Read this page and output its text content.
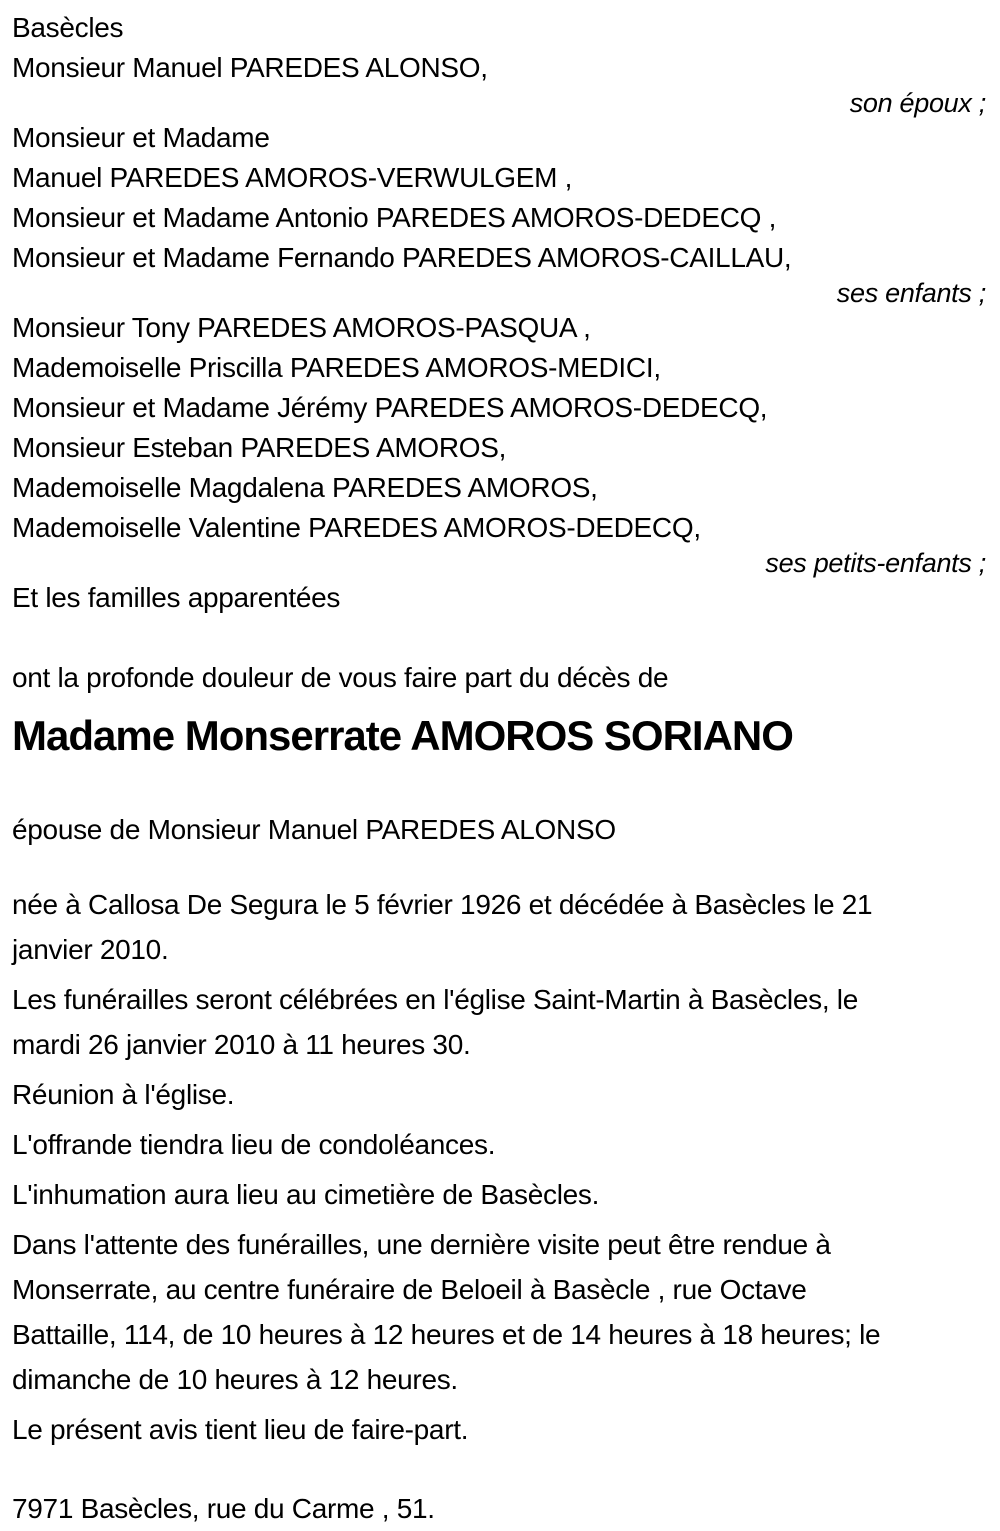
Basècles

Monsieur Manuel PAREDES ALONSO,

son époux ;

Monsieur et Madame

Manuel PAREDES AMOROS-VERWULGEM ,

Monsieur et Madame Antonio PAREDES AMOROS-DEDECQ ,

Monsieur et Madame Fernando PAREDES AMOROS-CAILLAU,

ses enfants ;

Monsieur Tony PAREDES AMOROS-PASQUA ,

Mademoiselle Priscilla PAREDES AMOROS-MEDICI,

Monsieur et Madame Jérémy PAREDES AMOROS-DEDECQ,

Monsieur Esteban PAREDES AMOROS,

Mademoiselle Magdalena PAREDES AMOROS,

Mademoiselle Valentine PAREDES AMOROS-DEDECQ,

ses petits-enfants ;

Et les familles apparentées

ont la profonde douleur de vous faire part du décès de

Madame Monserrate AMOROS SORIANO

épouse de Monsieur Manuel PAREDES ALONSO

née à Callosa De Segura le 5 février 1926 et décédée à Basècles le 21

janvier 2010.

Les funérailles seront célébrées en l'église Saint-Martin à Basècles, le

mardi 26 janvier 2010 à 11 heures 30.

Réunion à l'église.

L'offrande tiendra lieu de condoléances.

L'inhumation aura lieu au cimetière de Basècles.

Dans l'attente des funérailles, une dernière visite peut être rendue à

Monserrate, au centre funéraire de Beloeil à Basècle , rue Octave

Battaille, 114, de 10 heures à 12 heures et de 14 heures à 18 heures; le

dimanche de 10 heures à 12 heures.

Le présent avis tient lieu de faire-part.

7971 Basècles, rue du Carme , 51.
